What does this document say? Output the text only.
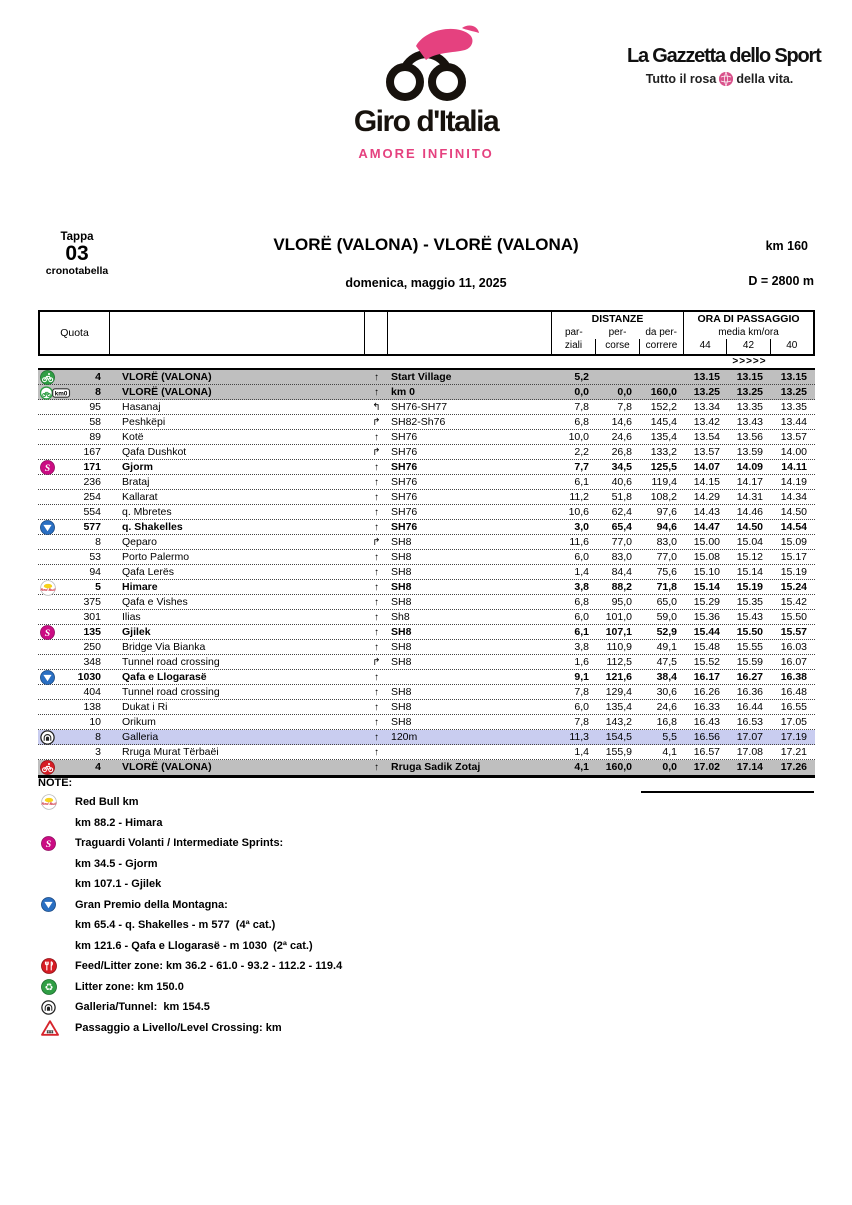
Giro d'Italia
AMORE INFINITO
La Gazzetta dello Sport
Tutto il rosa della vita.
Tappa
03
cronotabella
VLORË (VALONA) - VLORË (VALONA)
domenica, maggio 11, 2025
km 160
D = 2800 m
Quota
DISTANZE
par-	per-	da per-
ziali	corse	correre
ORA DI PASSAGGIO
media km/ora
44	42	40
>>>>>
4	VLORË (VALONA)	↑	Start Village	5,2	13.15	13.15	13.15
km0	8	VLORË (VALONA)	↑	km 0	0,0	0,0	160,0	13.25	13.25	13.25
95	Hasanaj	↰ SH76-SH77	7,8	7,8	152,2	13.34	13.35	13.35
58	Peshkëpi	↱ SH82-Sh76	6,8	14,6	145,4	13.42	13.43	13.44
89	Kotë	↑	SH76	10,0	24,6	135,4	13.54	13.56	13.57
167	Qafa Dushkot	↱ SH76	2,2	26,8	133,2	13.57	13.59	14.00
S	171	Gjorm	↑	SH76	7,7	34,5	125,5	14.07	14.09	14.11
236	Brataj	↑	SH76	6,1	40,6	119,4	14.15	14.17	14.19
254	Kallarat	↑	SH76	11,2	51,8	108,2	14.29	14.31	14.34
554	q. Mbretes	↑	SH76	10,6	62,4	97,6	14.43	14.46	14.50
577	q. Shakelles	↑	SH76	3,0	65,4	94,6	14.47	14.50	14.54
8	Qeparo	↱ SH8	11,6	77,0	83,0	15.00	15.04	15.09
53	Porto Palermo	↑	SH8	6,0	83,0	77,0	15.08	15.12	15.17
94	Qafa Lerës	↑	SH8	1,4	84,4	75,6	15.10	15.14	15.19
Red Bull	5	Himare	↑	SH8	3,8	88,2	71,8	15.14	15.19	15.24
375	Qafa e Vishes	↑	SH8	6,8	95,0	65,0	15.29	15.35	15.42
301	Ilias	↑	Sh8	6,0	101,0	59,0	15.36	15.43	15.50
S	135	Gjilek	↑	SH8	6,1	107,1	52,9	15.44	15.50	15.57
250	Bridge Via Bianka	↑	SH8	3,8	110,9	49,1	15.48	15.55	16.03
348	Tunnel road crossing	↱ SH8	1,6	112,5	47,5	15.52	15.59	16.07
1030	Qafa e Llogarasë	↑	9,1	121,6	38,4	16.17	16.27	16.38
404	Tunnel road crossing	↑	SH8	7,8	129,4	30,6	16.26	16.36	16.48
138	Dukat i Ri	↑	SH8	6,0	135,4	24,6	16.33	16.44	16.55
10	Orikum	↑	SH8	7,8	143,2	16,8	16.43	16.53	17.05
8	Galleria	↑	120m	11,3	154,5	5,5	16.56	17.07	17.19
3	Rruga Murat Tërbaëi	↑	1,4	155,9	4,1	16.57	17.08	17.21
4	VLORË (VALONA)	↑	Rruga Sadik Zotaj	4,1	160,0	0,0	17.02	17.14	17.26
NOTE:
Red Bull Red Bull km
km 88.2 - Himara
S Traguardi Volanti / Intermediate Sprints:
km 34.5 - Gjorm
km 107.1 - Gjilek
Gran Premio della Montagna:
km 65.4 - q. Shakelles - m 577  (4ª cat.)
km 121.6 - Qafa e Llogarasë - m 1030  (2ª cat.)
Feed/Litter zone: km 36.2 - 61.0 - 93.2 - 112.2 - 119.4
♻ Litter zone: km 150.0
Galleria/Tunnel:  km 154.5
Passaggio a Livello/Level Crossing: km
